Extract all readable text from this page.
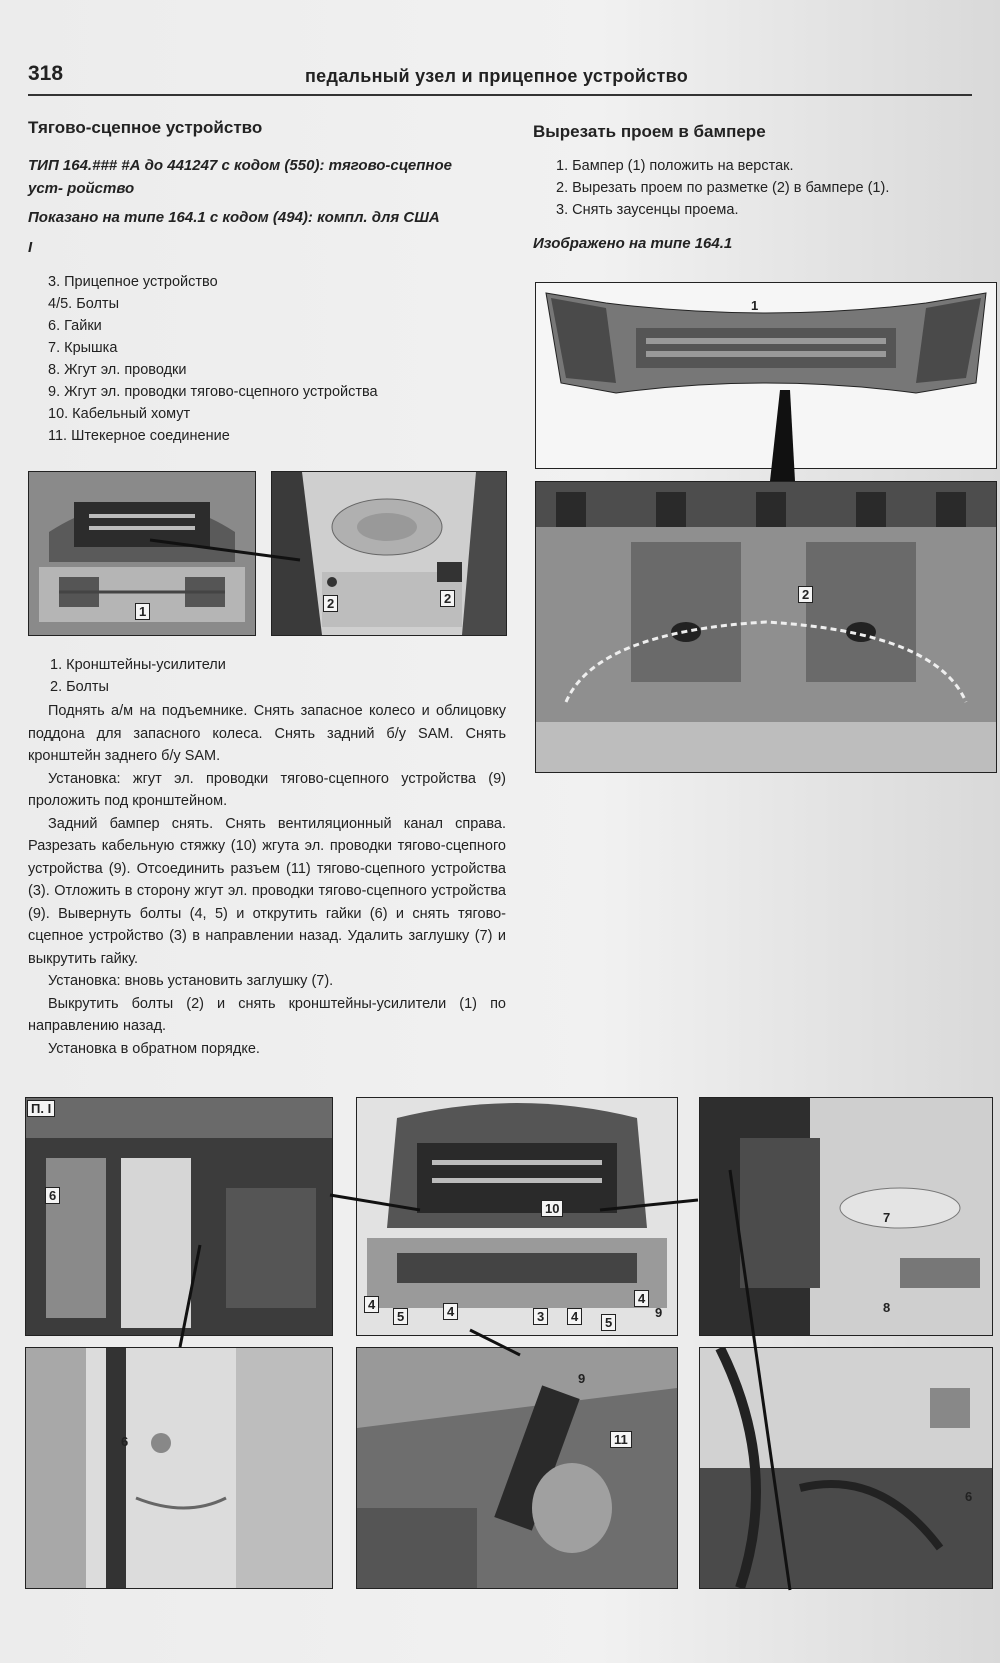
318	педальный узел и прицепное устройство
Тягово-сцепное устройство
ТИП 164.### #А до 441247 с кодом (550): тягово-сцепное уст- ройство
Показано на типе 164.1 с кодом (494): компл. для США
I
3. Прицепное устройство
4/5. Болты
6. Гайки
7. Крышка
8. Жгут эл. проводки
9. Жгут эл. проводки тягово-сцепного устройства
10. Кабельный хомут
11. Штекерное соединение
1
2	2
1. Кронштейны-усилители
2. Болты
Поднять а/м на подъемнике. Снять запасное колесо и облицовку поддона для запасного колеса. Снять задний б/у SAM. Снять кронштейн заднего б/у SAM.
Установка: жгут эл. проводки тягово-сцепного устройства (9) проложить под кронштейном.
Задний бампер снять. Снять вентиляционный канал справа. Разрезать кабельную стяжку (10) жгута эл. проводки тягово-сцепного устройства (9). Отсоединить разъем (11) тягово-сцепного устройства (3). Отложить в сторону жгут эл. проводки тягово-сцепного устройства (9). Вывернуть болты (4, 5) и открутить гайки (6) и снять тягово-сцепное устройство (3) в направлении назад. Удалить заглушку (7) и выкрутить гайку.
Установка: вновь установить заглушку (7).
Выкрутить болты (2) и снять кронштейны-усилители (1) по направлению назад.
Установка в обратном порядке.
Вырезать проем в бампере
1. Бампер (1) положить на верстак.
2. Вырезать проем по разметке (2) в бампере (1).
3. Снять заусенцы проема.
Изображено на типе 164.1
1
2
П. I
6
10
4
5	4	3	4	5
4
9
7
8
6
9
11
6
